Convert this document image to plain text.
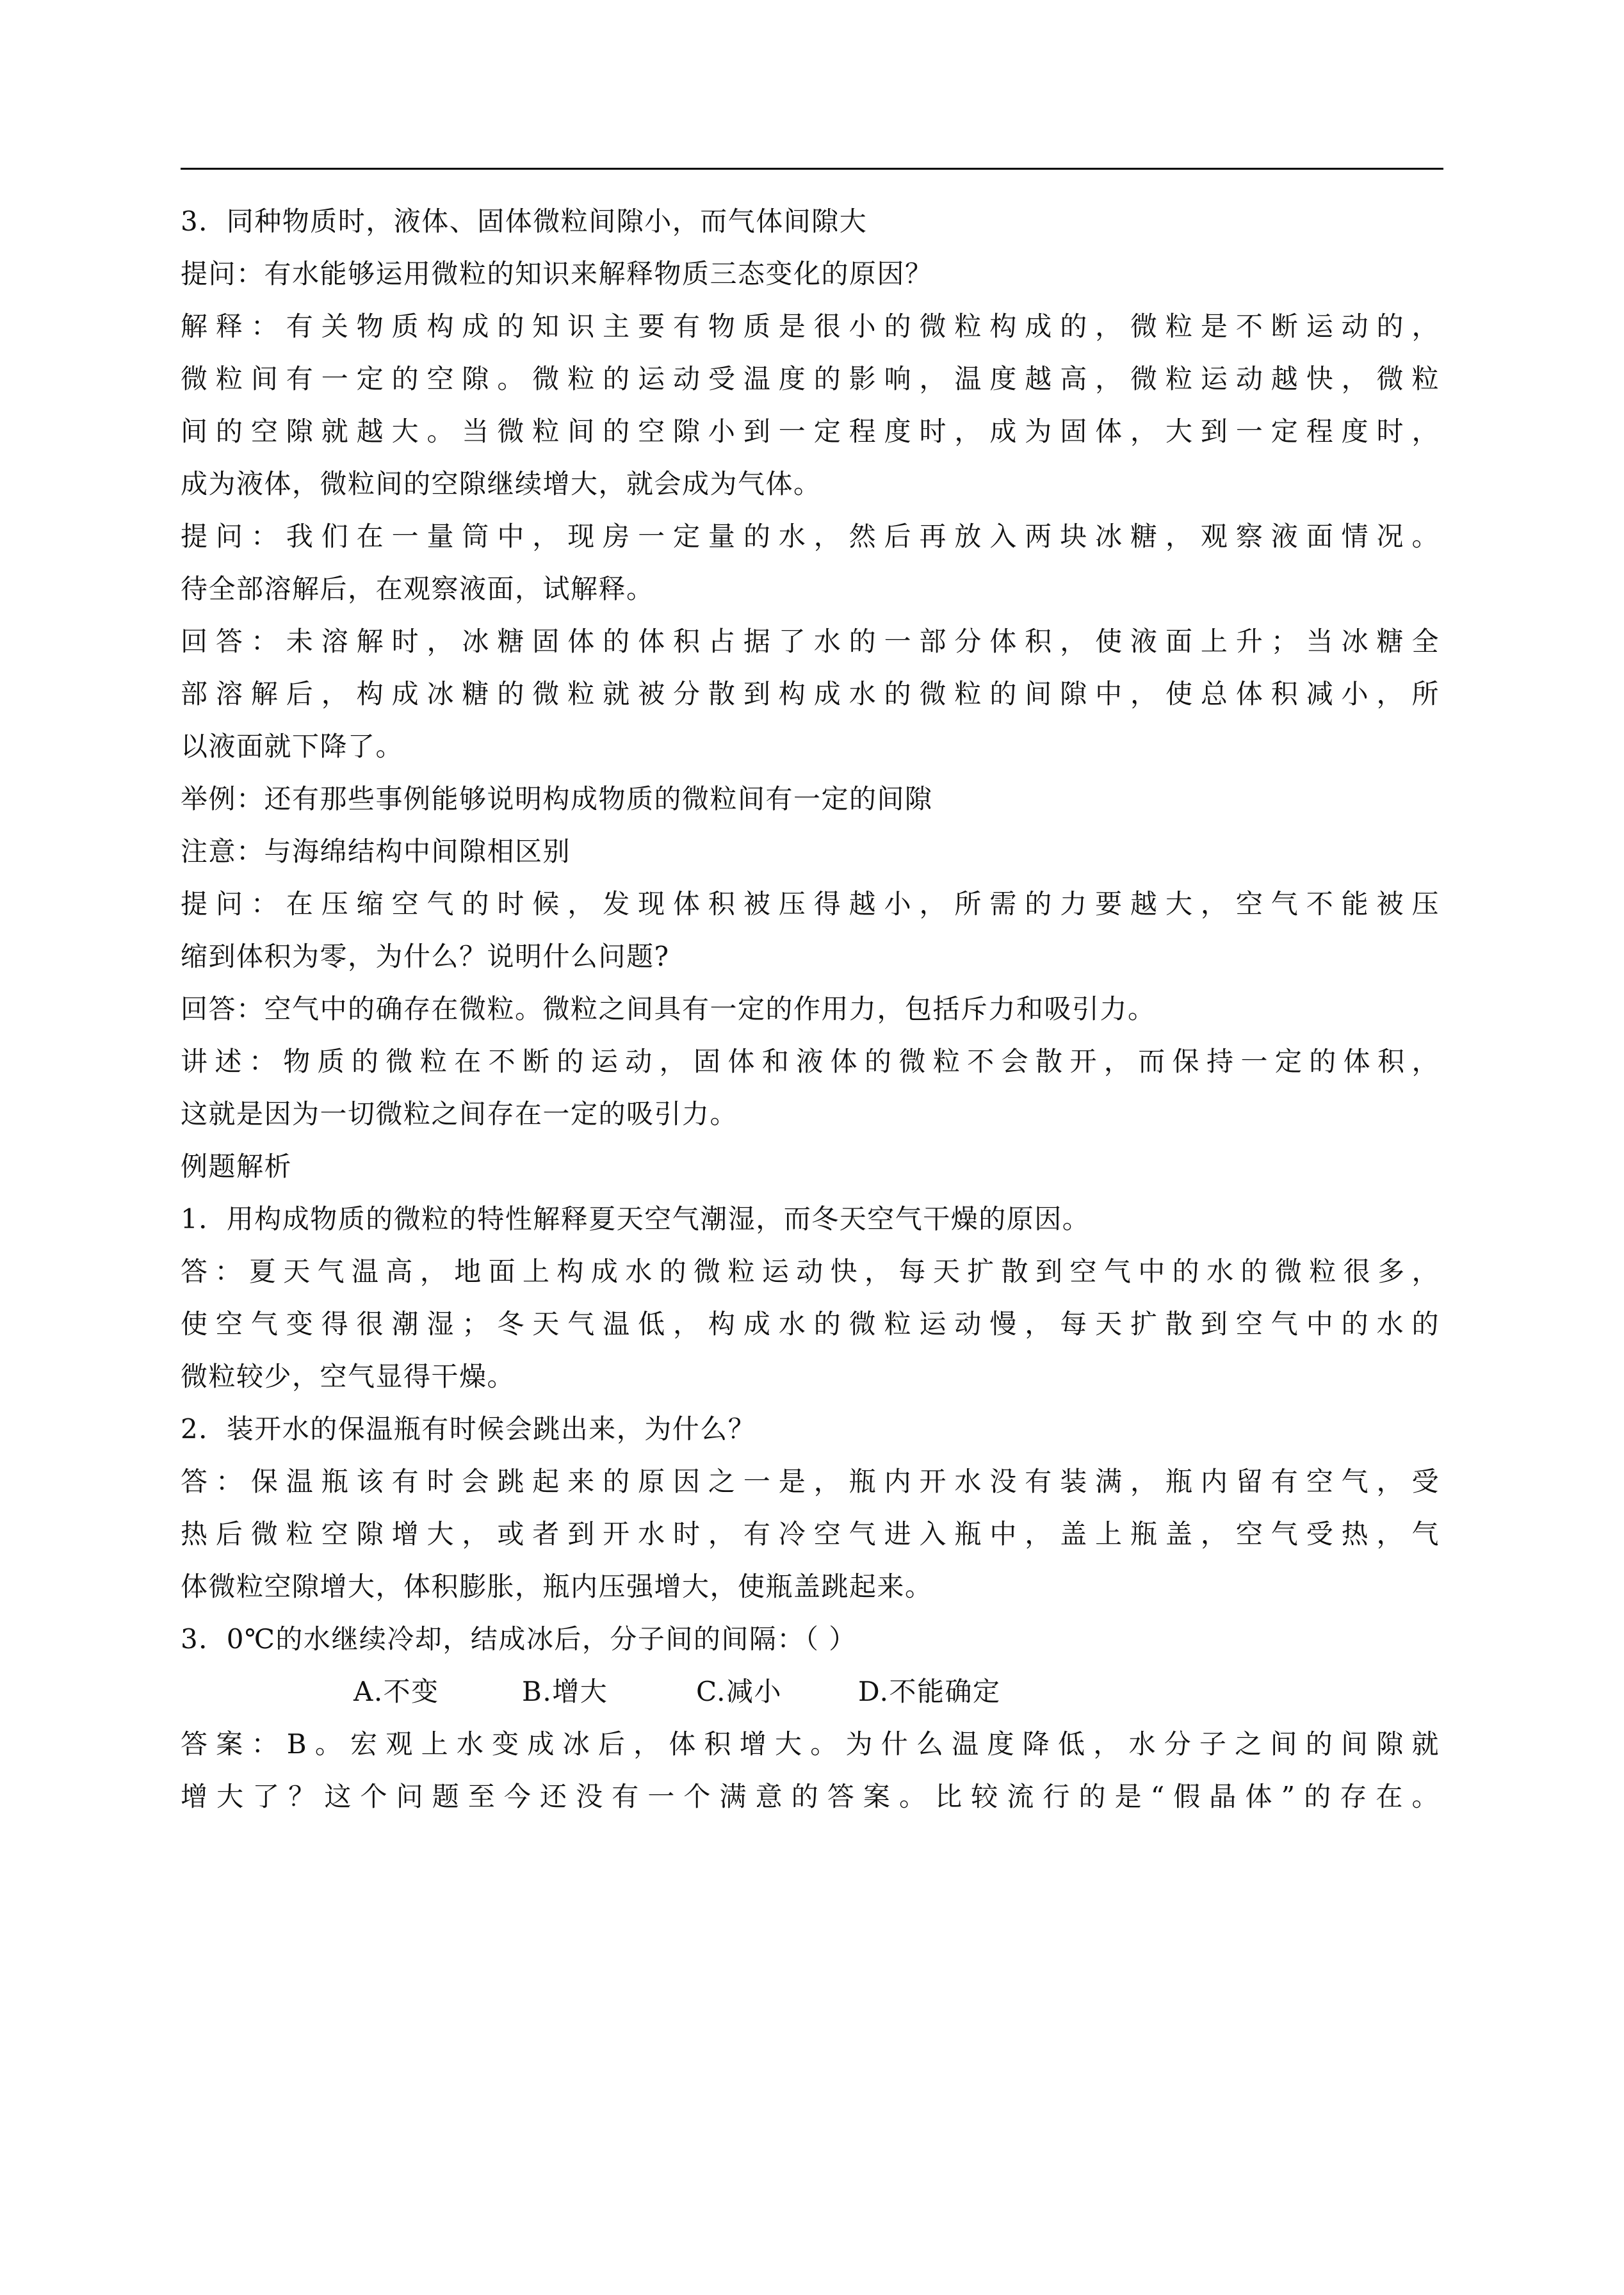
3．同种物质时，液体、固体微粒间隙小，而气体间隙大
提问：有水能够运用微粒的知识来解释物质三态变化的原因？
解释：有关物质构成的知识主要有物质是很小的微粒构成的，微粒是不断运动的，
微粒间有一定的空隙。微粒的运动受温度的影响，温度越高，微粒运动越快，微粒
间的空隙就越大。当微粒间的空隙小到一定程度时，成为固体，大到一定程度时，
成为液体，微粒间的空隙继续增大，就会成为气体。
提问：我们在一量筒中，现房一定量的水，然后再放入两块冰糖，观察液面情况。
待全部溶解后，在观察液面，试解释。
回答：未溶解时，冰糖固体的体积占据了水的一部分体积，使液面上升；当冰糖全
部溶解后，构成冰糖的微粒就被分散到构成水的微粒的间隙中，使总体积减小，所
以液面就下降了。
举例：还有那些事例能够说明构成物质的微粒间有一定的间隙
注意：与海绵结构中间隙相区别
提问：在压缩空气的时候，发现体积被压得越小，所需的力要越大，空气不能被压
缩到体积为零，为什么？说明什么问题?
回答：空气中的确存在微粒。微粒之间具有一定的作用力，包括斥力和吸引力。
讲述：物质的微粒在不断的运动，固体和液体的微粒不会散开，而保持一定的体积，
这就是因为一切微粒之间存在一定的吸引力。
例题解析
1．用构成物质的微粒的特性解释夏天空气潮湿，而冬天空气干燥的原因。
答：夏天气温高，地面上构成水的微粒运动快，每天扩散到空气中的水的微粒很多，
使空气变得很潮湿；冬天气温低，构成水的微粒运动慢，每天扩散到空气中的水的
微粒较少，空气显得干燥。
2．装开水的保温瓶有时候会跳出来，为什么？
答：保温瓶该有时会跳起来的原因之一是，瓶内开水没有装满，瓶内留有空气，受
热后微粒空隙增大，或者到开水时，有冷空气进入瓶中，盖上瓶盖，空气受热，气
体微粒空隙增大，体积膨胀，瓶内压强增大，使瓶盖跳起来。
3．0℃的水继续冷却，结成冰后，分子间的间隔：（ ）
A.不变	B.增大	C.减小	D.不能确定
答案：B。宏观上水变成冰后，体积增大。为什么温度降低，水分子之间的间隙就
增大了？这个问题至今还没有一个满意的答案。比较流行的是“假晶体”的存在。
